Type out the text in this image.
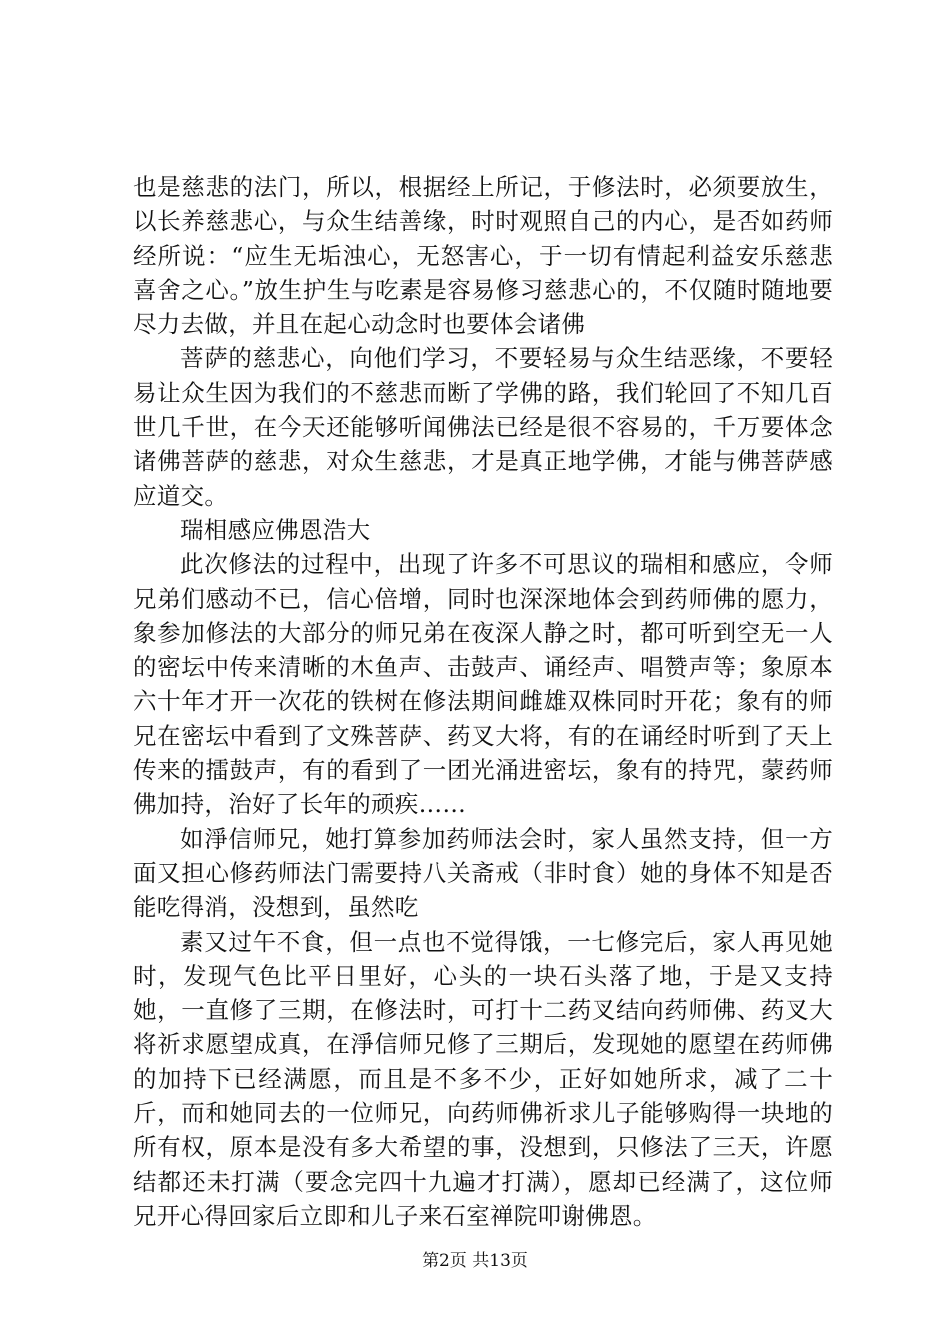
也是慈悲的法门，所以，根据经上所记，于修法时，必须要放生，以长养慈悲心，与众生结善缘，时时观照自己的内心，是否如药师经所说：“应生无垢浊心，无怒害心，于一切有情起利益安乐慈悲喜舍之心。”放生护生与吃素是容易修习慈悲心的，不仅随时随地要尽力去做，并且在起心动念时也要体会诸佛

菩萨的慈悲心，向他们学习，不要轻易与众生结恶缘，不要轻易让众生因为我们的不慈悲而断了学佛的路，我们轮回了不知几百世几千世，在今天还能够听闻佛法已经是很不容易的，千万要体念诸佛菩萨的慈悲，对众生慈悲，才是真正地学佛，才能与佛菩萨感应道交。

瑞相感应佛恩浩大

此次修法的过程中，出现了许多不可思议的瑞相和感应，令师兄弟们感动不已，信心倍增，同时也深深地体会到药师佛的愿力，象参加修法的大部分的师兄弟在夜深人静之时，都可听到空无一人的密坛中传来清晰的木鱼声、击鼓声、诵经声、唱赞声等；象原本六十年才开一次花的铁树在修法期间雌雄双株同时开花；象有的师兄在密坛中看到了文殊菩萨、药叉大将，有的在诵经时听到了天上传来的擂鼓声，有的看到了一团光涌进密坛，象有的持咒，蒙药师佛加持，治好了长年的顽疾……

如淨信师兄，她打算参加药师法会时，家人虽然支持，但一方面又担心修药师法门需要持八关斋戒（非时食）她的身体不知是否能吃得消，没想到，虽然吃

素又过午不食，但一点也不觉得饿，一七修完后，家人再见她时，发现气色比平日里好，心头的一块石头落了地，于是又支持她，一直修了三期，在修法时，可打十二药叉结向药师佛、药叉大将祈求愿望成真，在淨信师兄修了三期后，发现她的愿望在药师佛的加持下已经满愿，而且是不多不少，正好如她所求，减了二十斤，而和她同去的一位师兄，向药师佛祈求儿子能够购得一块地的所有权，原本是没有多大希望的事，没想到，只修法了三天，许愿结都还未打满（要念完四十九遍才打满），愿却已经满了，这位师兄开心得回家后立即和儿子来石室禅院叩谢佛恩。

第2页 共13页
